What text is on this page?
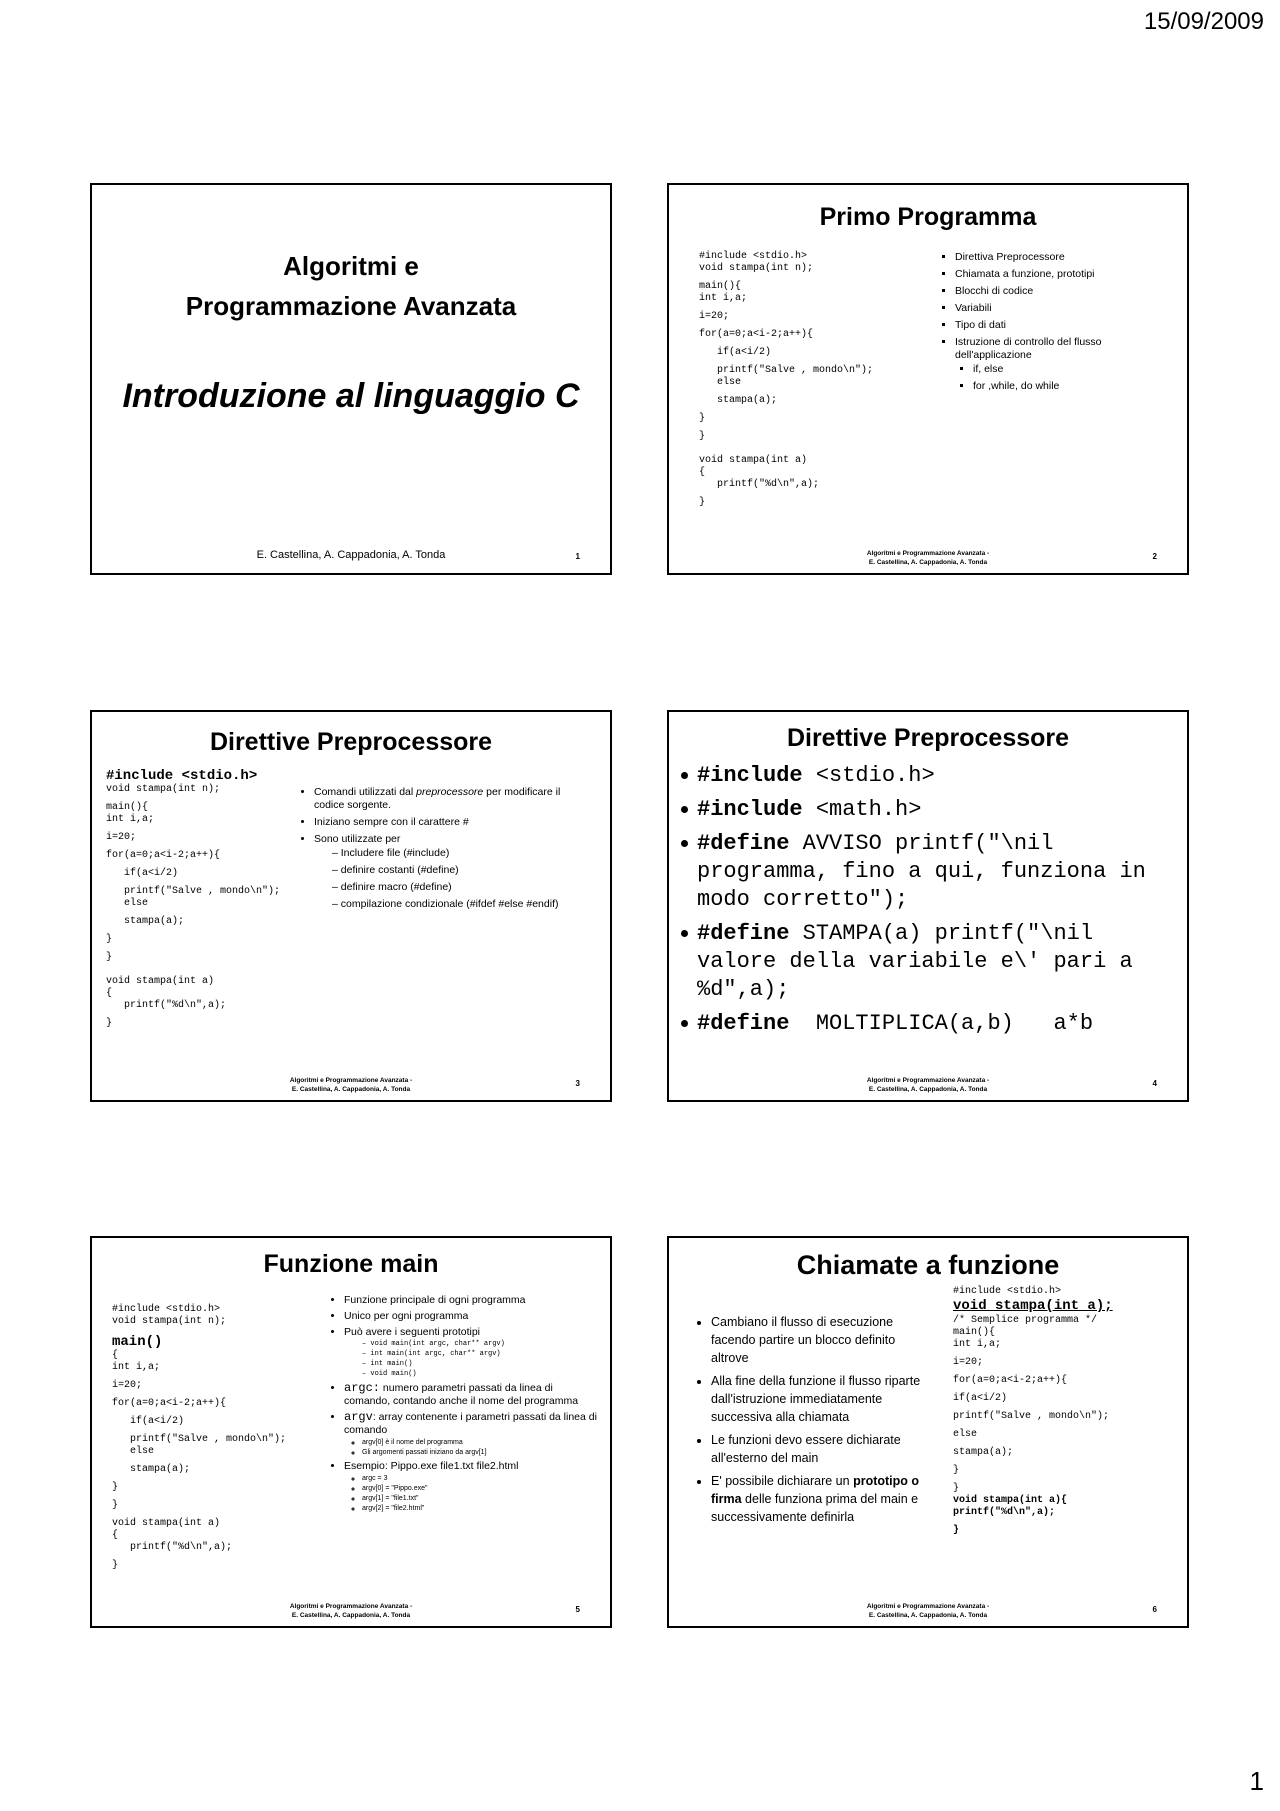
15/09/2009
Algoritmi e
Programmazione Avanzata
Introduzione al linguaggio C
E. Castellina, A. Cappadonia, A. Tonda	1
Primo Programma
#include <stdio.h>
void stampa(int n);
main(){
int i,a;
i=20;
for(a=0;a<i-2;a++){
if(a<i/2)
printf("Salve , mondo\n");
else
stampa(a);
}
}
void stampa(int a)
{
printf("%d\n",a);
}
▪ Direttiva Preprocessore
▪ Chiamata a funzione, prototipi
▪ Blocchi di codice
▪ Variabili
▪ Tipo di dati
▪ Istruzione di controllo del flusso dell'applicazione
▪ if, else
▪ for ,while, do while
Algoritmi e Programmazione Avanzata -
E. Castellina, A. Cappadonia, A. Tonda
2
Direttive Preprocessore
#include <stdio.h>
void stampa(int n);
main(){
int i,a;
i=20;
for(a=0;a<i-2;a++){
if(a<i/2)
printf("Salve , mondo\n");
else
stampa(a);
}
}
void stampa(int a)
{
printf("%d\n",a);
}
• Comandi utilizzati dal preprocessore per modificare il codice sorgente.
• Iniziano sempre con il carattere #
• Sono utilizzate per
– Includere file (#include)
– definire costanti (#define)
– definire macro (#define)
– compilazione condizionale (#ifdef #else #endif)
Algoritmi e Programmazione Avanzata -
E. Castellina, A. Cappadonia, A. Tonda
3
Direttive Preprocessore
#include <stdio.h>
#include <math.h>
#define AVVISO printf("\nil programma, fino a qui, funziona in modo corretto");
#define STAMPA(a) printf("\nil valore della variabile e\' pari a %d",a);
#define  MOLTIPLICA(a,b)   a*b
Algoritmi e Programmazione Avanzata -
E. Castellina, A. Cappadonia, A. Tonda
4
Funzione main
#include <stdio.h>
void stampa(int n);
main()
{
int i,a;
i=20;
for(a=0;a<i-2;a++){
if(a<i/2)
printf("Salve , mondo\n");
else
stampa(a);
}
}
void stampa(int a)
{
printf("%d\n",a);
}
• Funzione principale di ogni programma
• Unico per ogni programma
• Può avere i seguenti prototipi
– void main(int argc, char** argv)
– int main(int argc, char** argv)
– int main()
– void main()
• argc: numero parametri passati da linea di comando, contando anche il nome del programma
• argv: array contenente i parametri passati da linea di comando
◦ argv[0] è il nome del programma
◦ Gli argomenti passati iniziano da argv[1]
• Esempio: Pippo.exe file1.txt file2.html
◦ argc = 3
◦ argv[0] = "Pippo.exe"
◦ argv[1] = "file1.txt"
◦ argv[2] = "file2.html"
Algoritmi e Programmazione Avanzata -
E. Castellina, A. Cappadonia, A. Tonda
5
Chiamate a funzione
• Cambiano il flusso di esecuzione facendo partire un blocco definito altrove
• Alla fine della funzione il flusso riparte dall'istruzione immediatamente successiva alla chiamata
• Le funzioni devo essere dichiarate all'esterno del main
• E' possibile dichiarare un prototipo o firma delle funziona prima del main e successivamente definirla
#include <stdio.h>
void stampa(int a);
/* Semplice programma */
main(){
int i,a;
i=20;
for(a=0;a<i-2;a++){
if(a<i/2)
printf("Salve , mondo\n");
else
stampa(a);
}
}
void stampa(int a){
printf("%d\n",a);
}
Algoritmi e Programmazione Avanzata -
E. Castellina, A. Cappadonia, A. Tonda
6
1
